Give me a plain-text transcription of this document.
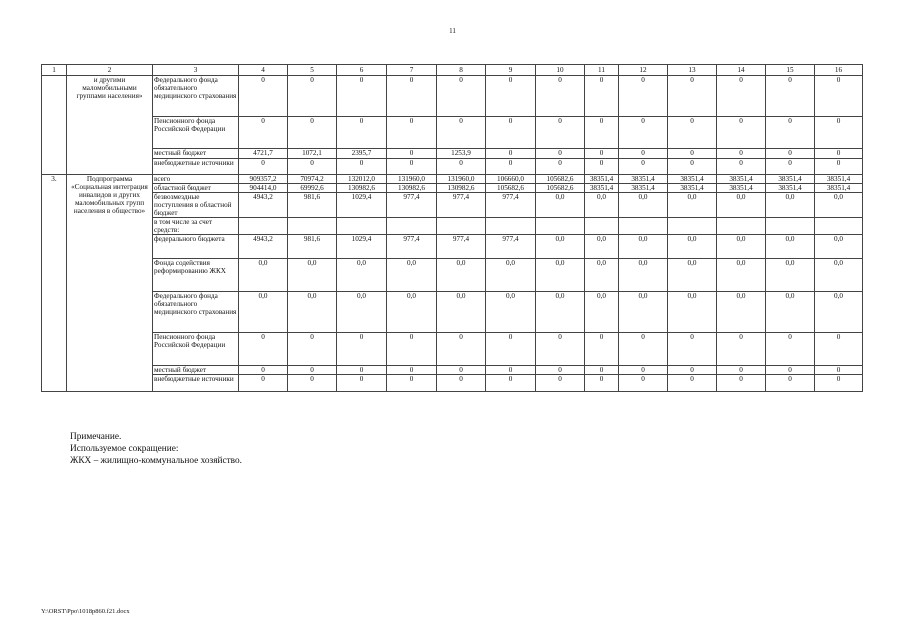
11
1	2	3	4	5	6	7	8	9	10	11	12	13	14	15	16
	и другими маломобильными группами населения»	Федерального фонда обязательного медицинского страхования	0	0	0	0	0	0	0	0	0	0	0	0	0
		Пенсионного фонда Российской Федерации	0	0	0	0	0	0	0	0	0	0	0	0	0
		местный бюджет	4721,7	1072,1	2395,7	0	1253,9	0	0	0	0	0	0	0	0
		внебюджетные источники	0	0	0	0	0	0	0	0	0	0	0	0	0
3.	Подпрограмма «Социальная интеграция инвалидов и других маломобильных групп населения в общество»	всего	909357,2	70974,2	132012,0	131960,0	131960,0	106660,0	105682,6	38351,4	38351,4	38351,4	38351,4	38351,4	38351,4
		областной бюджет	904414,0	69992,6	130982,6	130982,6	130982,6	105682,6	105682,6	38351,4	38351,4	38351,4	38351,4	38351,4	38351,4
		безвозмездные поступления в областной бюджет	4943,2	981,6	1029,4	977,4	977,4	977,4	0,0	0,0	0,0	0,0	0,0	0,0	0,0
		в том числе за счет средств:													
		федерального бюджета	4943,2	981,6	1029,4	977,4	977,4	977,4	0,0	0,0	0,0	0,0	0,0	0,0	0,0
		Фонда содействия реформированию ЖКХ	0,0	0,0	0,0	0,0	0,0	0,0	0,0	0,0	0,0	0,0	0,0	0,0	0,0
		Федерального фонда обязательного медицинского страхования	0,0	0,0	0,0	0,0	0,0	0,0	0,0	0,0	0,0	0,0	0,0	0,0	0,0
		Пенсионного фонда Российской Федерации	0	0	0	0	0	0	0	0	0	0	0	0	0
		местный бюджет	0	0	0	0	0	0	0	0	0	0	0	0	0
		внебюджетные источники	0	0	0	0	0	0	0	0	0	0	0	0	0
Примечание.
Используемое сокращение:
ЖКХ – жилищно-коммунальное хозяйство.
Y:\ORST\Ppo\1018p860.f21.docx
